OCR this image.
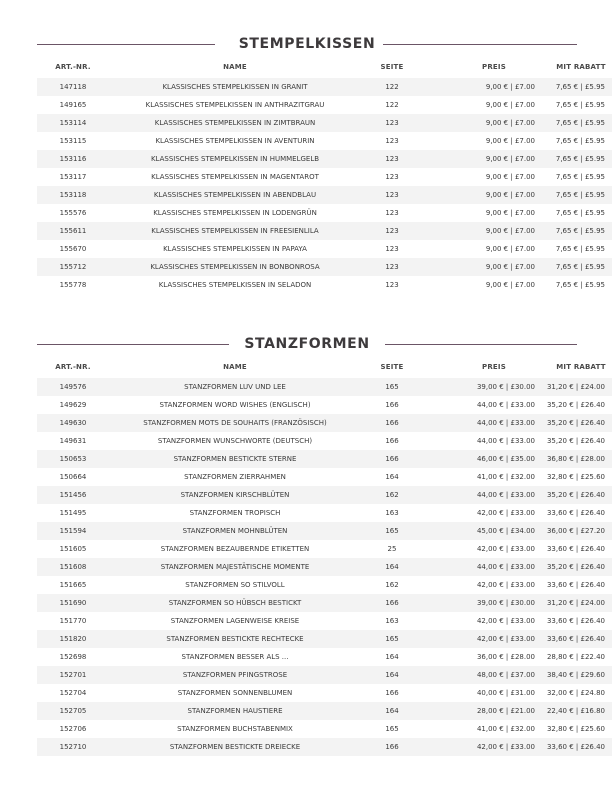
STEMPELKISSEN
ART.-NR.	NAME	SEITE	PREIS	MIT RABATT
147118	KLASSISCHES STEMPELKISSEN IN GRANIT	122	9,00 € | £7.00	7,65 € | £5.95
149165	KLASSISCHES STEMPELKISSEN IN ANTHRAZITGRAU	122	9,00 € | £7.00	7,65 € | £5.95
153114	KLASSISCHES STEMPELKISSEN IN ZIMTBRAUN	123	9,00 € | £7.00	7,65 € | £5.95
153115	KLASSISCHES STEMPELKISSEN IN AVENTURIN	123	9,00 € | £7.00	7,65 € | £5.95
153116	KLASSISCHES STEMPELKISSEN IN HUMMELGELB	123	9,00 € | £7.00	7,65 € | £5.95
153117	KLASSISCHES STEMPELKISSEN IN MAGENTAROT	123	9,00 € | £7.00	7,65 € | £5.95
153118	KLASSISCHES STEMPELKISSEN IN ABENDBLAU	123	9,00 € | £7.00	7,65 € | £5.95
155576	KLASSISCHES STEMPELKISSEN IN LODENGRÜN	123	9,00 € | £7.00	7,65 € | £5.95
155611	KLASSISCHES STEMPELKISSEN IN FREESIENLILA	123	9,00 € | £7.00	7,65 € | £5.95
155670	KLASSISCHES STEMPELKISSEN IN PAPAYA	123	9,00 € | £7.00	7,65 € | £5.95
155712	KLASSISCHES STEMPELKISSEN IN BONBONROSA	123	9,00 € | £7.00	7,65 € | £5.95
155778	KLASSISCHES STEMPELKISSEN IN SELADON	123	9,00 € | £7.00	7,65 € | £5.95
STANZFORMEN
ART.-NR.	NAME	SEITE	PREIS	MIT RABATT
149576	STANZFORMEN LUV UND LEE	165	39,00 € | £30.00	31,20 € | £24.00
149629	STANZFORMEN WORD WISHES (ENGLISCH)	166	44,00 € | £33.00	35,20 € | £26.40
149630	STANZFORMEN MOTS DE SOUHAITS (FRANZÖSISCH)	166	44,00 € | £33.00	35,20 € | £26.40
149631	STANZFORMEN WUNSCHWORTE (DEUTSCH)	166	44,00 € | £33.00	35,20 € | £26.40
150653	STANZFORMEN BESTICKTE STERNE	166	46,00 € | £35.00	36,80 € | £28.00
150664	STANZFORMEN ZIERRAHMEN	164	41,00 € | £32.00	32,80 € | £25.60
151456	STANZFORMEN KIRSCHBLÜTEN	162	44,00 € | £33.00	35,20 € | £26.40
151495	STANZFORMEN TROPISCH	163	42,00 € | £33.00	33,60 € | £26.40
151594	STANZFORMEN MOHNBLÜTEN	165	45,00 € | £34.00	36,00 € | £27.20
151605	STANZFORMEN BEZAUBERNDE ETIKETTEN	25	42,00 € | £33.00	33,60 € | £26.40
151608	STANZFORMEN MAJESTÄTISCHE MOMENTE	164	44,00 € | £33.00	35,20 € | £26.40
151665	STANZFORMEN SO STILVOLL	162	42,00 € | £33.00	33,60 € | £26.40
151690	STANZFORMEN SO HÜBSCH BESTICKT	166	39,00 € | £30.00	31,20 € | £24.00
151770	STANZFORMEN LAGENWEISE KREISE	163	42,00 € | £33.00	33,60 € | £26.40
151820	STANZFORMEN BESTICKTE RECHTECKE	165	42,00 € | £33.00	33,60 € | £26.40
152698	STANZFORMEN BESSER ALS ...	164	36,00 € | £28.00	28,80 € | £22.40
152701	STANZFORMEN PFINGSTROSE	164	48,00 € | £37.00	38,40 € | £29.60
152704	STANZFORMEN SONNENBLUMEN	166	40,00 € | £31.00	32,00 € | £24.80
152705	STANZFORMEN HAUSTIERE	164	28,00 € | £21.00	22,40 € | £16.80
152706	STANZFORMEN BUCHSTABENMIX	165	41,00 € | £32.00	32,80 € | £25.60
152710	STANZFORMEN BESTICKTE DREIECKE	166	42,00 € | £33.00	33,60 € | £26.40
